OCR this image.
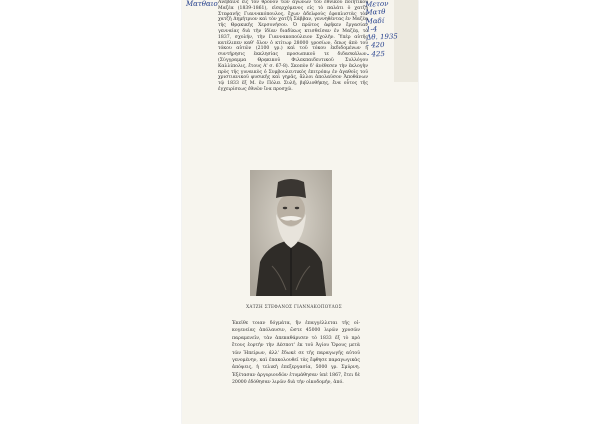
Ματθαιο	Μετον
Ματθ
Μαδί
1-4
Δθ. 1935
- 420
- 425

Ἀνέβαινε εἰς τὸν θρόνον τῶν ἀγώνων τοῦ ἐθνικοῦ ποιητικοῦ Μαζέα (1839-1861), εἰσερχόμενος εἰς τὸ παλάτι ὁ χατζῆ Στεφανῆς Γιαννακόπουλος, ἔχων ἀδελφοὺς ἐφοπλιστὰς τὸν χατζῆ Δημήτριον καὶ τὸν χατζῆ Σάββαν, γεννηθέντας ἐν Μαζέᾳ τῆς Θρᾳκικῆς Χερσονήσου. Ὁ πρῶτος ἀφῆκεν ἔργασίαν γενναίας διὰ τὴν ἰδίαν διαδίκως κτισθεῖσαν ἐν Μαζέᾳ, τὸ 1837, σχολήν, τὴν Γιαννακοπούλειον Σχολὴν. Ὑπὲρ αὐτῆς κατέλιπεν καθ' ὅλον ὁ κτίτωρ 28000 γροσίων, ὅπως ἀπὸ τοῦ τόκου αὐτῶν (2100 γρ.) καὶ τοῦ τόκου ἐκδιδομένων ἡ συντήρησις ἐκκλησίας προσωπικοῦ τε διδασκάλων. (Σύγγραμμα Θρᾳκικοῦ Φιλεκπαιδευτικοῦ Συλλόγου Καλλίπολις, ἔτους Α' σ. 67-8). Σκοπὸν δ' ἀνέθεσεν τὴν ἐκλογὴν πρὸς τῆς γυναικὸς ὁ Συμβουλευτικὸς ἐπιτρόπῳ ἐν ἀγαθοῖς τοῦ χριστιανικοῦ φυσικῆς καὶ γηρᾶς, ἄλλοι ἀπολαῦσον Ἀποθάνων τῷ 1833 ἐξ Μ. ἐν Πόλει Συλῆ, βιβλιοθήκης, ἔνα οὗτος τῆς ἐγχειρίσεως ἐθνῶν ἵνα προσχῶ.

ΧΑΤΖΗ ΣΤΕΦΑΝΟΣ ΓΙΑΝΝΑΚΟΠΟΥΛΟΣ

Ἐκεῖθε τοιαν δόγμάτα, ἢν ἐπαγγέλλεται τῆς οἰκογενείας ἀπόλαυσιν, ὥστε 45000 λιρῶν χρυσῶν παραμενεῖν, τὰν ἀπεκαθάρισεν τὸ 1833 ἐξ τὸ πρὸ ἔτους ἑορτήν τὴν Δέσποτ' ἐκ τοῦ Ἁγίου Ὄρους μετὰ τῶν Ἠπείρων, ἀλλ' ἔδωκέ σε τῆς παραγωγῆς αὐτοῦ γενομένην, καὶ ἐπακολουθεῖ τὰς ἔφθησε παραγωγικὰς ἀπόψεις, ἡ τελικὴ ἐπεξεργασία, 5000 γρ. Σμύρνη. Ἐξέτασαν ἀργυριουδῶν ἐτυμάθησαν ὑπὲ 1867, ἔτει δὲ 20000 ἐδόθησαν λιρῶν διὰ τὴν οἰκοδομήν, ἀπό.
